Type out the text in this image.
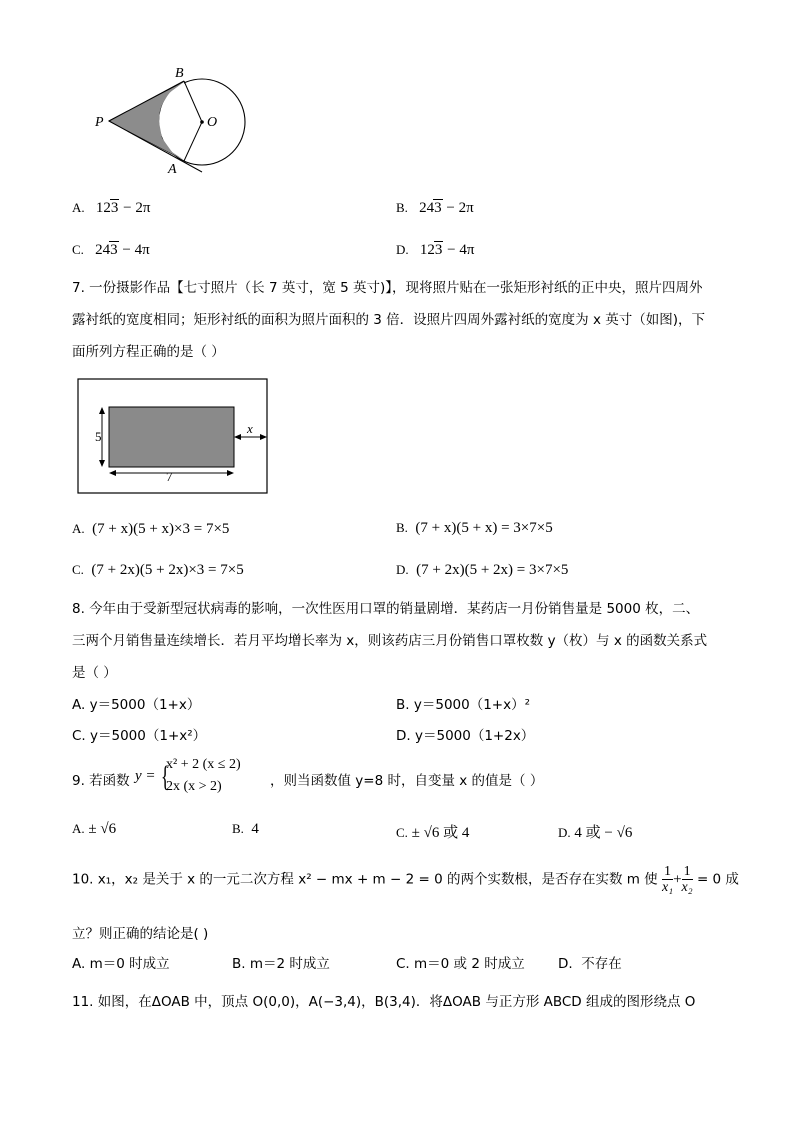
B
O
P
A
A. 123 − 2π	B. 243 − 2π
C. 243 − 4π	D. 123 − 4π
7. 一份摄影作品【七寸照片（长 7 英寸，宽 5 英寸)】，现将照片贴在一张矩形衬纸的正中央，照片四周外
露衬纸的宽度相同；矩形衬纸的面积为照片面积的 3 倍．设照片四周外露衬纸的宽度为 x 英寸（如图)，下
面所列方程正确的是（ ）
5
7
x
A. (7 + x)(5 + x)×3 = 7×5	B. (7 + x)(5 + x) = 3×7×5
C. (7 + 2x)(5 + 2x)×3 = 7×5	D. (7 + 2x)(5 + 2x) = 3×7×5
8. 今年由于受新型冠状病毒的影响，一次性医用口罩的销量剧增．某药店一月份销售量是 5000 枚，二、
三两个月销售量连续增长．若月平均增长率为 x，则该药店三月份销售口罩枚数 y（枚）与 x 的函数关系式
是（ ）
A. y＝5000（1+x）	B. y＝5000（1+x）²
C. y＝5000（1+x²）	D. y＝5000（1+2x）
9. 若函数 y = {
x² + 2 (x ≤ 2)
2x (x > 2)	，则当函数值 y=8 时，自变量 x 的值是（ ）
A. ± √6	B. 4	C. ± √6 或 4	D. 4 或 − √6
10. x₁，x₂ 是关于 x 的一元二次方程 x² − mx + m − 2 = 0 的两个实数根，是否存在实数 m 使 $\frac{1}{\text{x₁}} + \frac{1}{\text{x₂}} = 0$ 成
立？则正确的结论是( )
A. m＝0 时成立	B. m＝2 时成立	C. m＝0 或 2 时成立 D. 不存在
11. 如图，在ΔOAB 中，顶点 O(0,0)，A(−3,4)，B(3,4)．将ΔOAB 与正方形 ABCD 组成的图形绕点 O
